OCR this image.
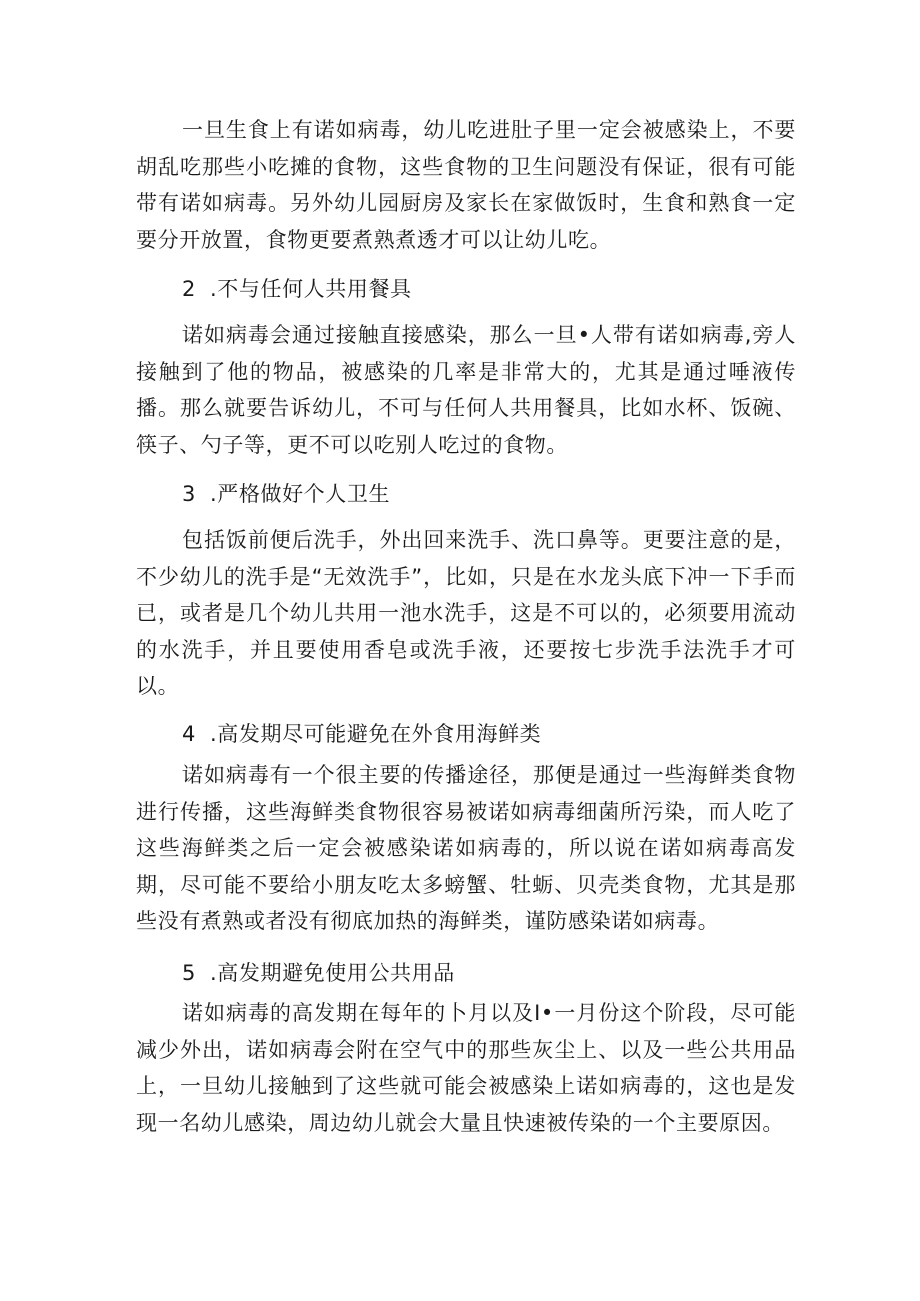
一旦生食上有诺如病毒，幼儿吃进肚子里一定会被感染上，不要胡乱吃那些小吃摊的食物，这些食物的卫生问题没有保证，很有可能带有诺如病毒。另外幼儿园厨房及家长在家做饭时，生食和熟食一定要分开放置，食物更要煮熟煮透才可以让幼儿吃。

2 .不与任何人共用餐具

诺如病毒会通过接触直接感染，那么一旦•人带有诺如病毒,旁人接触到了他的物品，被感染的几率是非常大的，尤其是通过唾液传播。那么就要告诉幼儿，不可与任何人共用餐具，比如水杯、饭碗、筷子、勺子等，更不可以吃别人吃过的食物。

3 .严格做好个人卫生

包括饭前便后洗手，外出回来洗手、洗口鼻等。更要注意的是，不少幼儿的洗手是“无效洗手”，比如，只是在水龙头底下冲一下手而已，或者是几个幼儿共用一池水洗手，这是不可以的，必须要用流动的水洗手，并且要使用香皂或洗手液，还要按七步洗手法洗手才可以。

4 .高发期尽可能避免在外食用海鲜类

诺如病毒有一个很主要的传播途径，那便是通过一些海鲜类食物进行传播，这些海鲜类食物很容易被诺如病毒细菌所污染，而人吃了这些海鲜类之后一定会被感染诺如病毒的，所以说在诺如病毒高发期，尽可能不要给小朋友吃太多螃蟹、牡蛎、贝壳类食物，尤其是那些没有煮熟或者没有彻底加热的海鲜类，谨防感染诺如病毒。

5 .高发期避免使用公共用品

诺如病毒的高发期在每年的卜月以及I•一月份这个阶段，尽可能减少外出，诺如病毒会附在空气中的那些灰尘上、以及一些公共用品上，一旦幼儿接触到了这些就可能会被感染上诺如病毒的，这也是发现一名幼儿感染，周边幼儿就会大量且快速被传染的一个主要原因。
